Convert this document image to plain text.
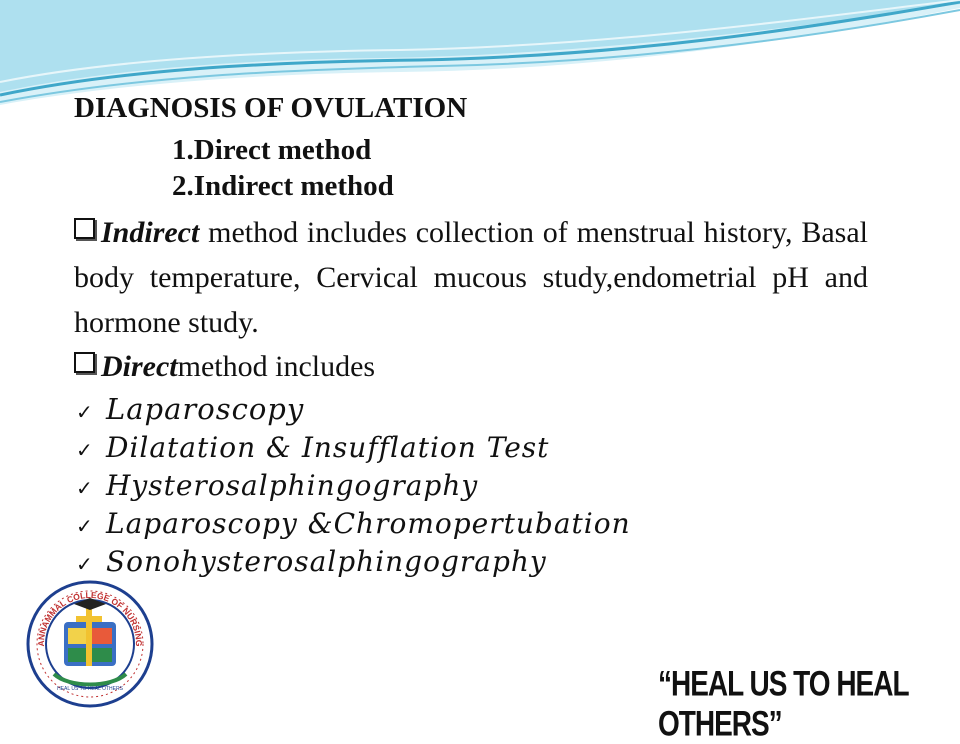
DIAGNOSIS OF OVULATION
1.Direct method
2.Indirect method
Indirect method includes collection of menstrual history, Basal body temperature, Cervical mucous study,endometrial pH and hormone study.
Directmethod includes
✓ Laparoscopy
✓ Dilatation & Insufflation Test
✓ Hysterosalphingography
✓ Laparoscopy &Chromopertubation
✓ Sonohysterosalphingography
HEAL US TO HEAL OTHERS
ANNAMMAL COLLEGE OF NURSING
“HEAL US TO HEAL OTHERS”
